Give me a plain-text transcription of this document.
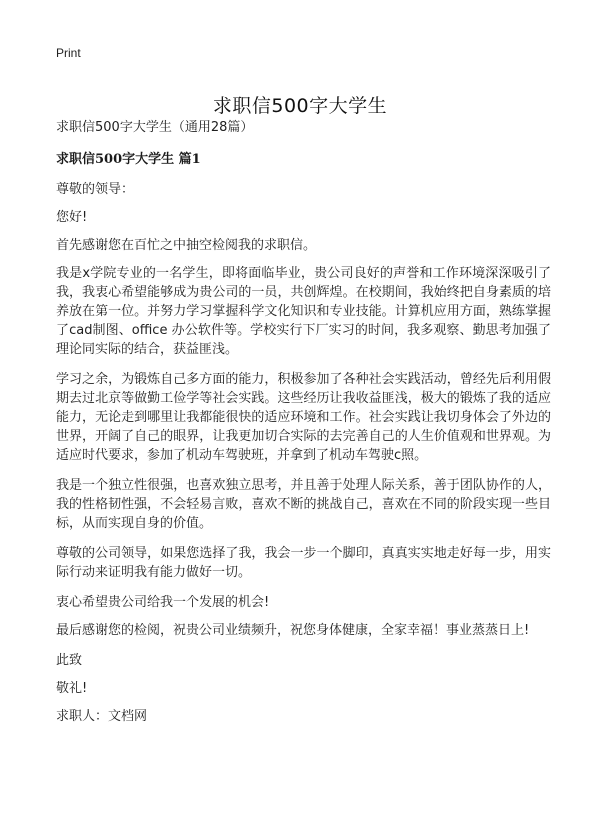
Print
求职信500字大学生

求职信500字大学生（通用28篇）

求职信500字大学生 篇1

尊敬的领导：

您好!

首先感谢您在百忙之中抽空检阅我的求职信。

我是x学院专业的一名学生，即将面临毕业，贵公司良好的声誉和工作环境深深吸引了我，我衷心希望能够成为贵公司的一员，共创辉煌。在校期间，我始终把自身素质的培养放在第一位。并努力学习掌握科学文化知识和专业技能。计算机应用方面，熟练掌握了cad制图、office 办公软件等。学校实行下厂实习的时间，我多观察、勤思考加强了理论同实际的结合，获益匪浅。

学习之余，为锻炼自己多方面的能力，积极参加了各种社会实践活动，曾经先后利用假期去过北京等做勤工俭学等社会实践。这些经历让我收益匪浅，极大的锻炼了我的适应能力，无论走到哪里让我都能很快的适应环境和工作。社会实践让我切身体会了外边的世界，开阔了自己的眼界，让我更加切合实际的去完善自己的人生价值观和世界观。为适应时代要求，参加了机动车驾驶班，并拿到了机动车驾驶c照。

我是一个独立性很强，也喜欢独立思考，并且善于处理人际关系，善于团队协作的人，我的性格韧性强，不会轻易言败，喜欢不断的挑战自己，喜欢在不同的阶段实现一些目标，从而实现自身的价值。

尊敬的公司领导，如果您选择了我，我会一步一个脚印，真真实实地走好每一步，用实际行动来证明我有能力做好一切。

衷心希望贵公司给我一个发展的机会!

最后感谢您的检阅，祝贵公司业绩频升，祝您身体健康，全家幸福！事业蒸蒸日上!

此致

敬礼!

求职人：文档网
